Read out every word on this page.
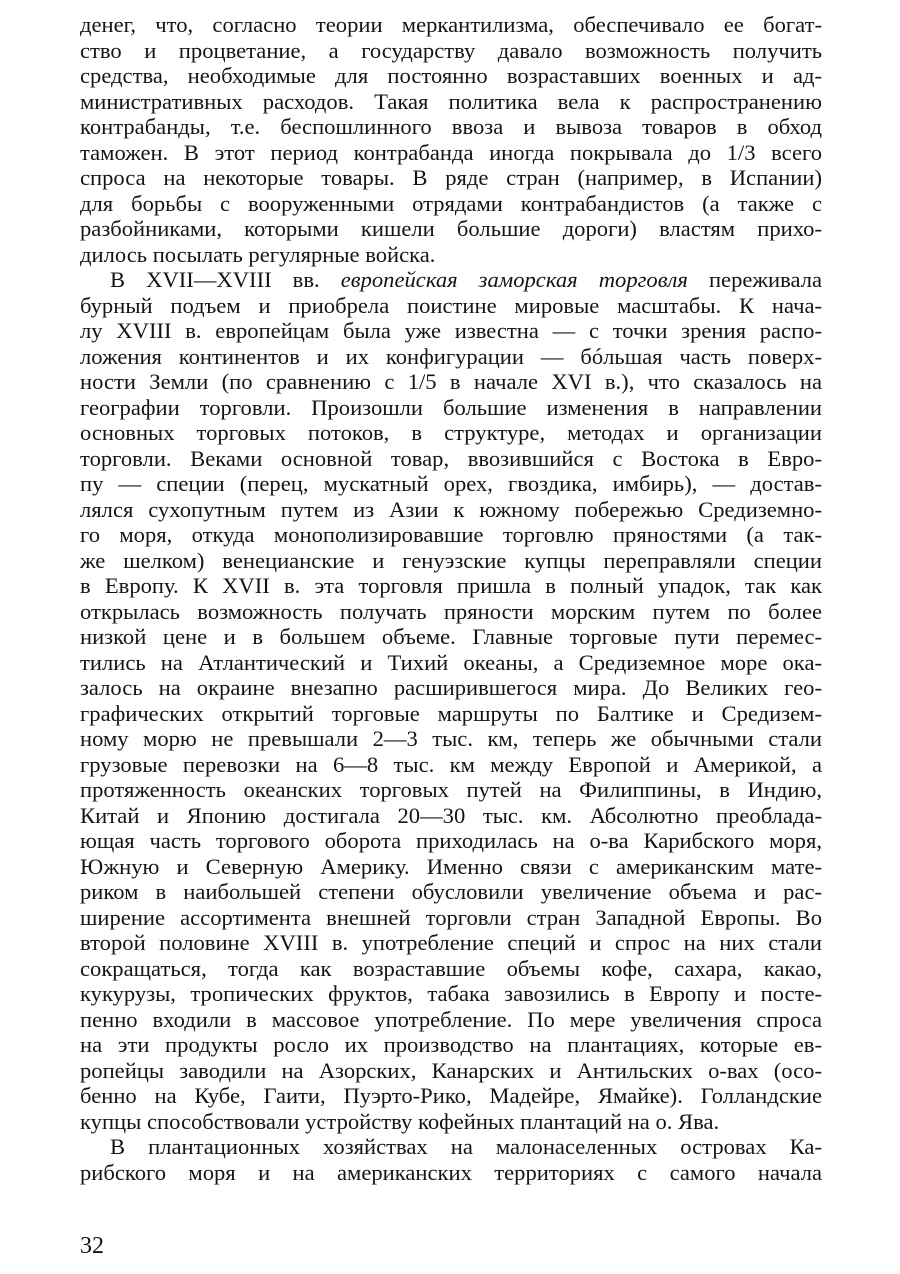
денег, что, согласно теории меркантилизма, обеспечивало ее богат-
ство и процветание, а государству давало возможность получить
средства, необходимые для постоянно возраставших военных и ад-
министративных расходов. Такая политика вела к распространению
контрабанды, т.е. беспошлинного ввоза и вывоза товаров в обход
таможен. В этот период контрабанда иногда покрывала до 1/3 всего
спроса на некоторые товары. В ряде стран (например, в Испании)
для борьбы с вооруженными отрядами контрабандистов (а также с
разбойниками, которыми кишели большие дороги) властям прихо-
дилось посылать регулярные войска.
В XVII—XVIII вв. европейская заморская торговля переживала
бурный подъем и приобрела поистине мировые масштабы. К нача-
лу XVIII в. европейцам была уже известна — с точки зрения распо-
ложения континентов и их конфигурации — бóльшая часть поверх-
ности Земли (по сравнению с 1/5 в начале XVI в.), что сказалось на
географии торговли. Произошли большие изменения в направлении
основных торговых потоков, в структуре, методах и организации
торговли. Веками основной товар, ввозившийся с Востока в Евро-
пу — специи (перец, мускатный орех, гвоздика, имбирь), — достав-
лялся сухопутным путем из Азии к южному побережью Средиземно-
го моря, откуда монополизировавшие торговлю пряностями (а так-
же шелком) венецианские и генуэзские купцы переправляли специи
в Европу. К XVII в. эта торговля пришла в полный упадок, так как
открылась возможность получать пряности морским путем по более
низкой цене и в большем объеме. Главные торговые пути перемес-
тились на Атлантический и Тихий океаны, а Средиземное море ока-
залось на окраине внезапно расширившегося мира. До Великих гео-
графических открытий торговые маршруты по Балтике и Средизем-
ному морю не превышали 2—3 тыс. км, теперь же обычными стали
грузовые перевозки на 6—8 тыс. км между Европой и Америкой, а
протяженность океанских торговых путей на Филиппины, в Индию,
Китай и Японию достигала 20—30 тыс. км. Абсолютно преоблада-
ющая часть торгового оборота приходилась на о-ва Карибского моря,
Южную и Северную Америку. Именно связи с американским мате-
риком в наибольшей степени обусловили увеличение объема и рас-
ширение ассортимента внешней торговли стран Западной Европы. Во
второй половине XVIII в. употребление специй и спрос на них стали
сокращаться, тогда как возраставшие объемы кофе, сахара, какао,
кукурузы, тропических фруктов, табака завозились в Европу и посте-
пенно входили в массовое употребление. По мере увеличения спроса
на эти продукты росло их производство на плантациях, которые ев-
ропейцы заводили на Азорских, Канарских и Антильских о-вах (осо-
бенно на Кубе, Гаити, Пуэрто-Рико, Мадейре, Ямайке). Голландские
купцы способствовали устройству кофейных плантаций на о. Ява.
В плантационных хозяйствах на малонаселенных островах Ка-
рибского моря и на американских территориях с самого начала
32
